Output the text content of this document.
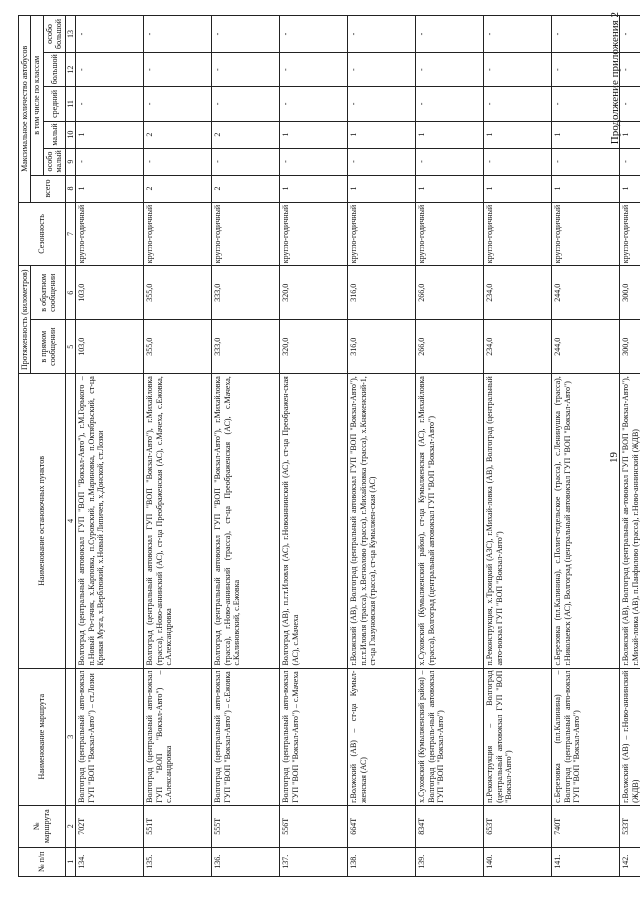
Продолжение приложения 2
19
№ п/п	№ маршрута	Наименование маршрута	Наименование остановочных пунктов	Протяженность (километров)		Сезонность	Максимальное количество автобусов					
				в прямом сообщении	в обратном сообщении		всего	в том числе по классам				
								особо малый	малый	средний	большой	особо большой
1	2	3	4	5	6	7	8	9	10	11	12	13
134.	702Т	Волгоград (центральный авто-вокзал ГУП "ВОП "Вокзал-Авто") – ст.Лозки	Волгоград (центральный автовокзал ГУП "ВОП "Вокзал-Авто"), г.М.Горького – п.Новый Ро-гачик, х.Карповка, п.Суровский, п.Мариновка, п.Октябрьский, ст-ца Кривая Музга, х.Верблюжий, х.Новый Липичев, х.Донской, ст.Лозки	103,0	103,0	кругло-годичный	1	-	1	-	-	-
135.	551Т	Волгоград (центральный авто-вокзал ГУП "ВОП "Вокзал-Авто") – с.Александровка	Волгоград (центральный автовокзал ГУП "ВОП "Вокзал-Авто"), г.Михайловка (трасса), г.Ново-аннинский (АС), ст-ца Преображенская (АС), с.Мачеха, с.Ежовка, с.Александровка	355,0	355,0	кругло-годичный	2	-	2	-	-	-
136.	555Т	Волгоград (центральный авто-вокзал ГУП "ВОП "Вокзал-Авто") – с.Ежовка	Волгоград (центральный автовокзал ГУП "ВОП "Вокзал-Авто"), г.Михайловка (трасса), г.Ново-аннинский (трасса), ст-ца Преображенская (АС), с.Мачеха, с.Калиновский, с.Ежовка	333,0	333,0	кругло-годичный	2	-	2	-	-	-
137.	556Т	Волгоград (центральный авто-вокзал ГУП "ВОП "Вокзал-Авто") – с.Мачеха	Волгоград (АВ), п.г.т.Иловля (АС), г.Новоаннинский (АС), ст-ца Преображен-ская (АС), с.Мачеха	320,0	320,0	кругло-годичный	1	-	1	-	-	-
138.	664Т	г.Волжский (АВ) – ст-ца Кумыл-женская (АС)	г.Волжский (АВ), Волгоград (центральный автовокзал ГУП "ВОП "Вокзал-Авто"), п.г.т.Иловля (трасса), х.Вегнолово (трасса), г.Михайловка (трасса), х.Княженский-1, ст-ца Глазуновская (трасса), ст-ца Кумылжен-ская (АС)	316,0	316,0	кругло-годичный	1	-	1	-	-	-
139.	834Т	х.Суховский (Кумылженский район) – Волгоград (централь-ный автовокзал ГУП "ВОП "Вокзал-Авто")	х.Суховский (Кумылженский район), ст-ца Кумылженская (АС), г.Михайловка (трасса), Волгоград (центральный автовокзал ГУП "ВОП "Вокзал-Авто")	266,0	266,0	кругло-годичный	1	-	1	-	-	-
140.	653Т	п.Реконструкция – Волгоград (центральный автовокзал ГУП "ВОП "Вокзал-Авто")	п.Реконструкция, х.Троицкий (АЗС), г.Михай-ловка (АВ), Волгоград (центральный авто-вокзал ГУП "ВОП "Вокзал-Авто")	234,0	234,0	кругло-годичный	1	-	1	-	-	-
141.	740Т	с.Березовка (пл.Калинина) – Волгоград (центральный авто-вокзал ГУП "ВОП "Вокзал-Авто")	с.Березовка (пл.Калинина), с.Полит-отдельское (трасса), с.Ленинушка (трасса), г.Николаевск (АС), Волгоград (центральный автовокзал ГУП "ВОП "Вокзал-Авто")	244,0	244,0	кругло-годичный	1	-	1	-	-	-
142.	533Т	г.Волжский (АВ) – г.Ново-аннинский (ЖДВ)	г.Волжский (АВ), Волгоград (центральный ав-товокзал ГУП "ВОП "Вокзал-Авто"), г.Михай-ловка (АВ), п.Панфилово (трасса), г.Ново-аннинский (ЖДВ)	300,0	300,0	кругло-годичный	1	-	1	-	-	-
